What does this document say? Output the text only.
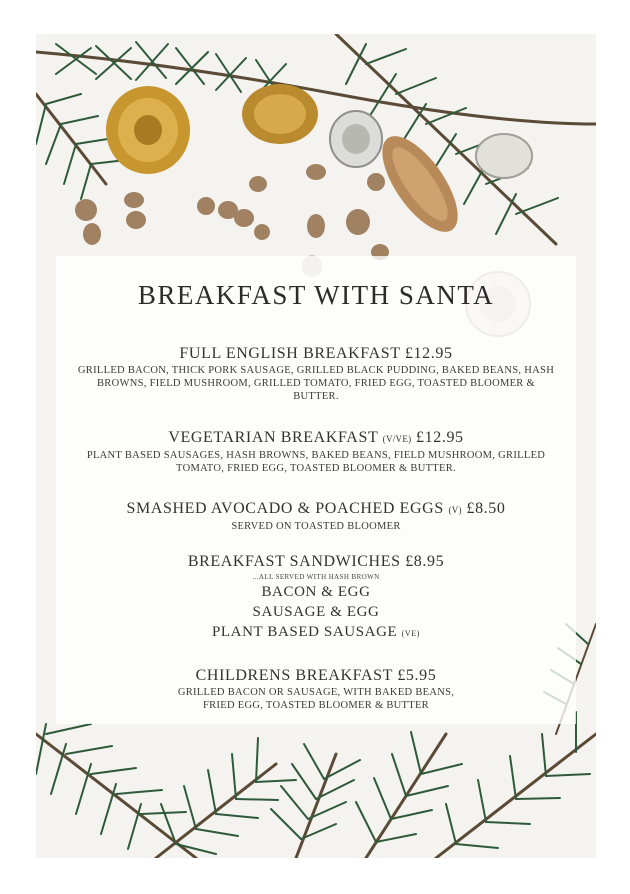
BREAKFAST WITH SANTA
FULL ENGLISH BREAKFAST £12.95
GRILLED BACON, THICK PORK SAUSAGE, GRILLED BLACK PUDDING, BAKED BEANS, HASH BROWNS, FIELD MUSHROOM, GRILLED TOMATO, FRIED EGG, TOASTED BLOOMER & BUTTER.
VEGETARIAN BREAKFAST (V/VE) £12.95
PLANT BASED SAUSAGES, HASH BROWNS, BAKED BEANS, FIELD MUSHROOM, GRILLED TOMATO, FRIED EGG, TOASTED BLOOMER & BUTTER.
SMASHED AVOCADO & POACHED EGGS (V) £8.50
SERVED ON TOASTED BLOOMER
BREAKFAST SANDWICHES £8.95
...ALL SERVED WITH HASH BROWN
BACON & EGG
SAUSAGE & EGG
PLANT BASED SAUSAGE (VE)
CHILDRENS BREAKFAST £5.95
GRILLED BACON OR SAUSAGE, WITH BAKED BEANS, FRIED EGG, TOASTED BLOOMER & BUTTER
